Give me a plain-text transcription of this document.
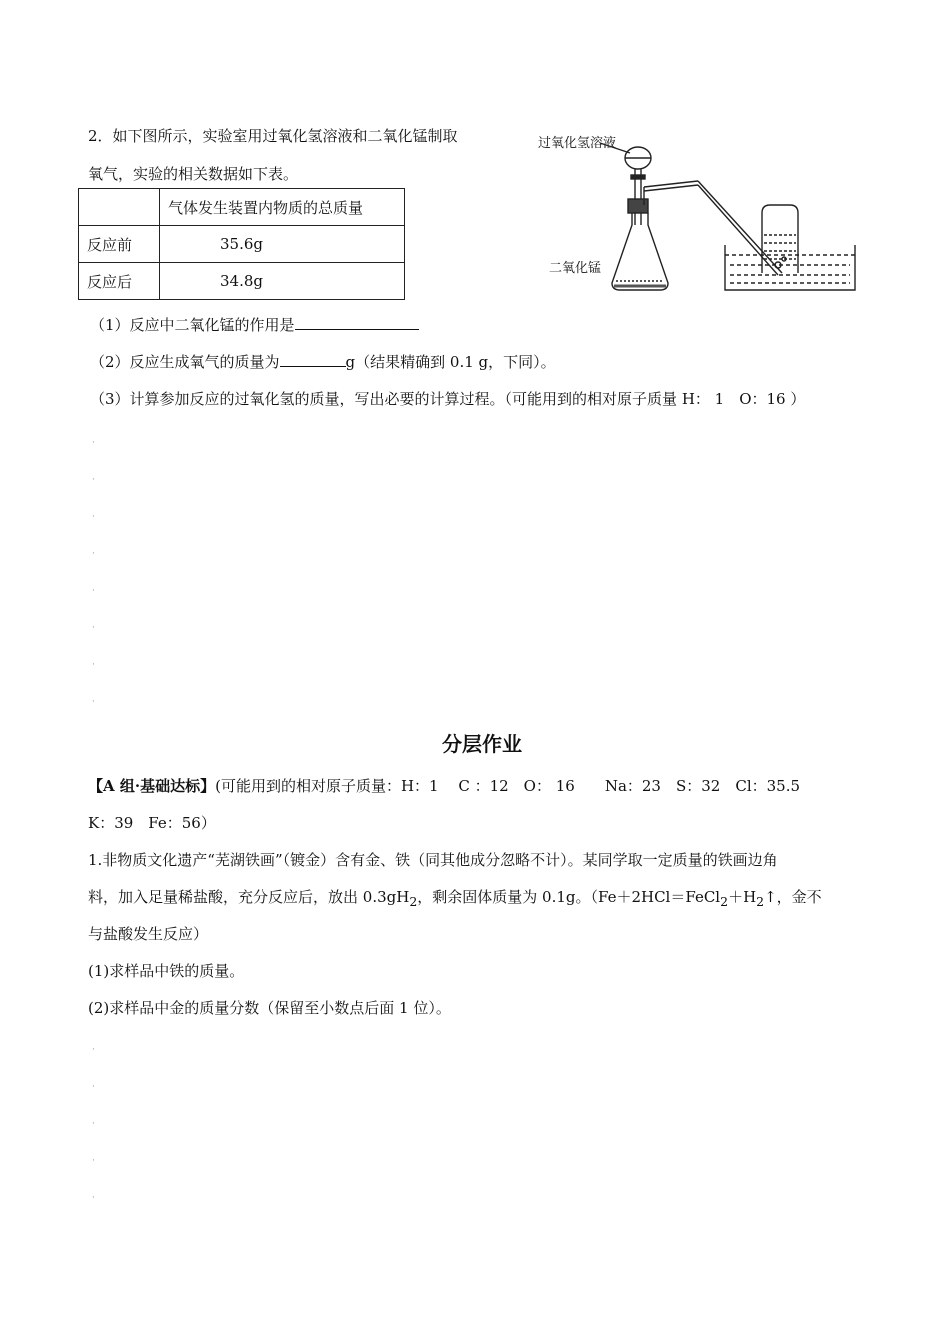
2．如下图所示，实验室用过氧化氢溶液和二氧化锰制取
氧气，实验的相关数据如下表。
	气体发生装置内物质的总质量
反应前	35.6g
反应后	34.8g
过氧化氢溶液
二氧化锰
（1）反应中二氧化锰的作用是
（2）反应生成氧气的质量为	g（结果精确到 0.1 g，下同）。
（3）计算参加反应的过氧化氢的质量，写出必要的计算过程。（可能用到的相对原子质量 H： 1　O：16 ）
·
·
·
·
·
·
·
·
分层作业
【A 组·基础达标】(可能用到的相对原子质量：H：1　 C ：12　O： 16　　Na：23　S：32　Cl：35.5
K：39　Fe：56）
1.非物质文化遗产“芜湖铁画”（镀金）含有金、铁（同其他成分忽略不计）。某同学取一定质量的铁画边角
料，加入足量稀盐酸，充分反应后，放出 $0.3gH_2$，剩余固体质量为 0.1g。（$Fe+2HCl=FeCl_2+H_2↑$，金不
与盐酸发生反应）
(1)求样品中铁的质量。
(2)求样品中金的质量分数（保留至小数点后面 1 位）。
·
·
·
·
·
